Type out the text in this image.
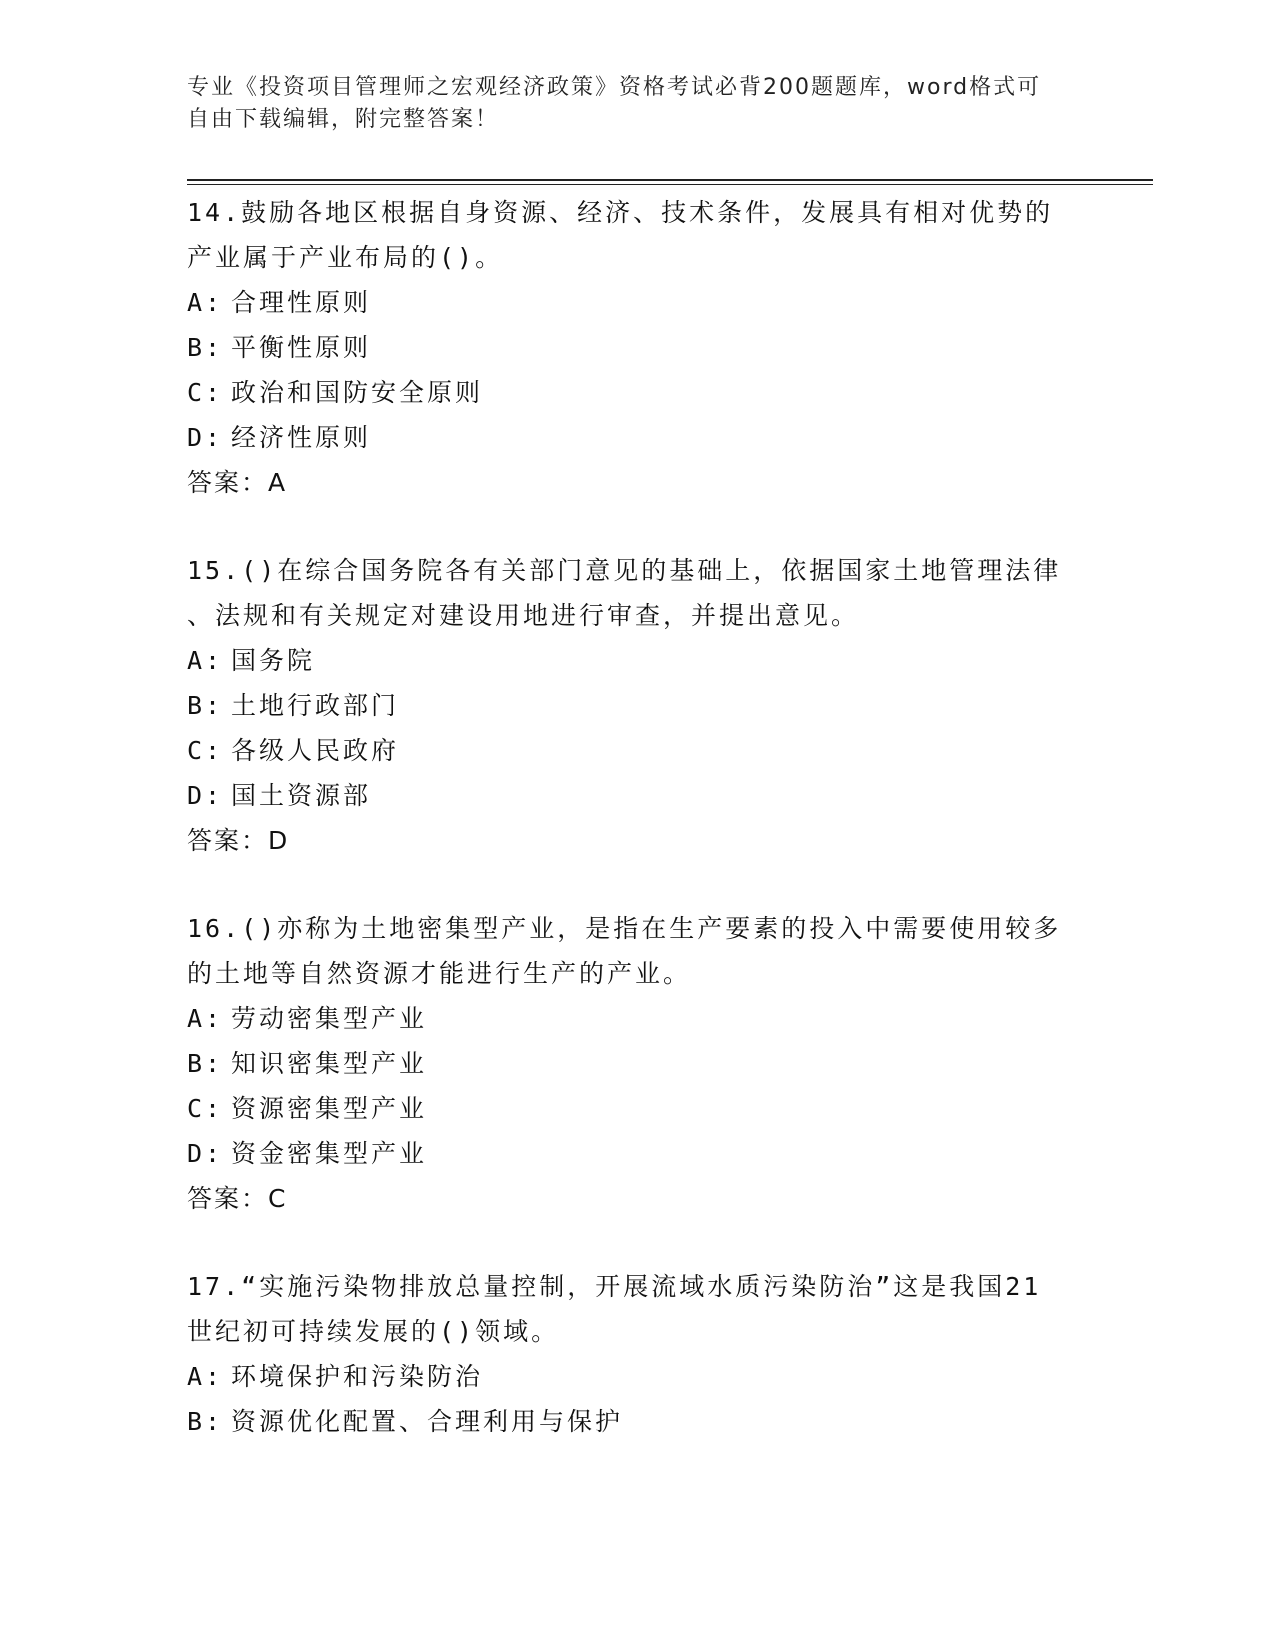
专业《投资项目管理师之宏观经济政策》资格考试必背200题题库，word格式可
自由下载编辑，附完整答案！

14.鼓励各地区根据自身资源、经济、技术条件，发展具有相对优势的

产业属于产业布局的()。

A: 合理性原则

B: 平衡性原则

C: 政治和国防安全原则

D: 经济性原则

答案：A

15.()在综合国务院各有关部门意见的基础上，依据国家土地管理法律

、法规和有关规定对建设用地进行审查，并提出意见。

A: 国务院

B: 土地行政部门

C: 各级人民政府

D: 国土资源部

答案：D

16.()亦称为土地密集型产业，是指在生产要素的投入中需要使用较多

的土地等自然资源才能进行生产的产业。

A: 劳动密集型产业

B: 知识密集型产业

C: 资源密集型产业

D: 资金密集型产业

答案：C

17.“实施污染物排放总量控制，开展流域水质污染防治”这是我国21

世纪初可持续发展的()领域。

A: 环境保护和污染防治

B: 资源优化配置、合理利用与保护
